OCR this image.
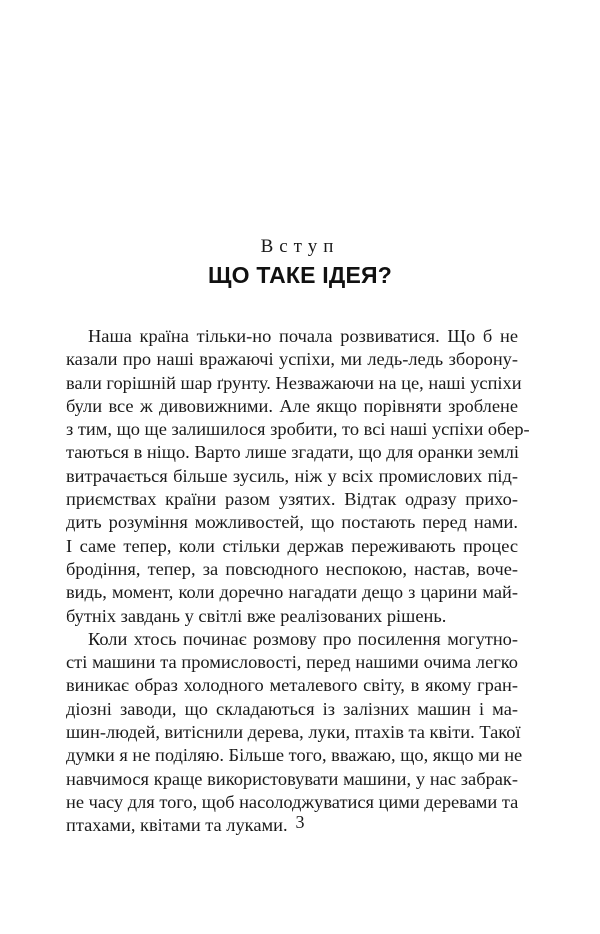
Вступ
ЩО ТАКЕ ІДЕЯ?
Наша країна тільки-но почала розвиватися. Що б не
казали про наші вражаючі успіхи, ми ледь-ледь зборону-
вали горішній шар ґрунту. Незважаючи на це, наші успіхи
були все ж дивовижними. Але якщо порівняти зроблене
з тим, що ще залишилося зробити, то всі наші успіхи обер-
таються в ніщо. Варто лише згадати, що для оранки землі
витрачається більше зусиль, ніж у всіх промислових під-
приємствах країни разом узятих. Відтак одразу прихо-
дить розуміння можливостей, що постають перед нами.
І саме тепер, коли стільки держав переживають процес
бродіння, тепер, за повсюдного неспокою, настав, воче-
видь, момент, коли доречно нагадати дещо з царини май-
бутніх завдань у світлі вже реалізованих рішень.
Коли хтось починає розмову про посилення могутно-
сті машини та промисловості, перед нашими очима легко
виникає образ холодного металевого світу, в якому гран-
діозні заводи, що складаються із залізних машин і ма-
шин-людей, витіснили дерева, луки, птахів та квіти. Такої
думки я не поділяю. Більше того, вважаю, що, якщо ми не
навчимося краще використовувати машини, у нас забрак-
не часу для того, щоб насолоджуватися цими деревами та
птахами, квітами та луками. 3
